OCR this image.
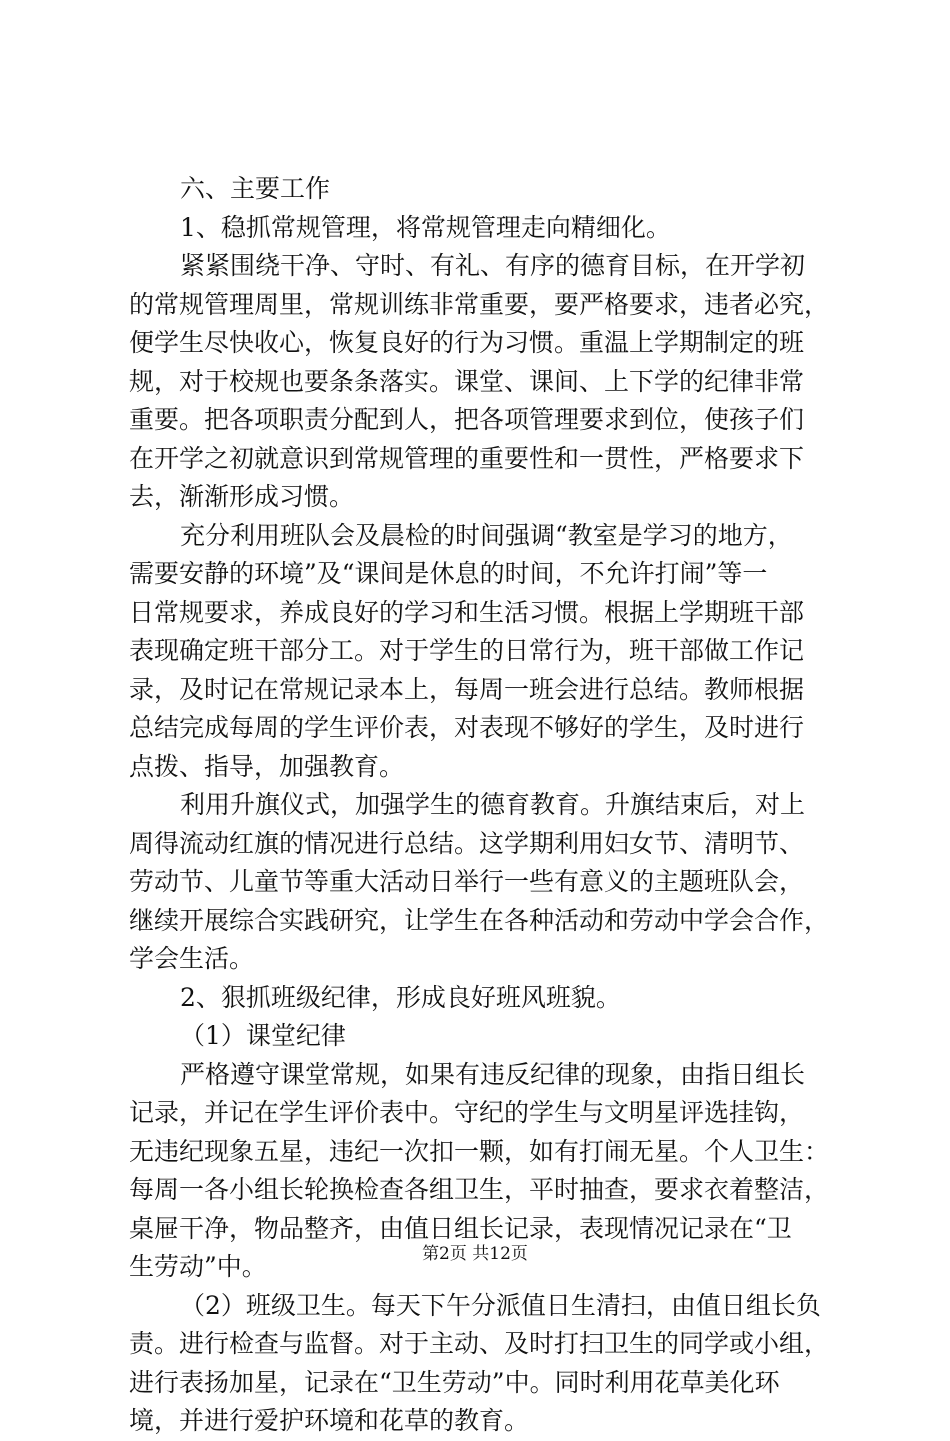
六、主要工作
1、稳抓常规管理，将常规管理走向精细化。
紧紧围绕干净、守时、有礼、有序的德育目标，在开学初
的常规管理周里，常规训练非常重要，要严格要求，违者必究，
便学生尽快收心，恢复良好的行为习惯。重温上学期制定的班
规，对于校规也要条条落实。课堂、课间、上下学的纪律非常
重要。把各项职责分配到人，把各项管理要求到位，使孩子们
在开学之初就意识到常规管理的重要性和一贯性，严格要求下
去，渐渐形成习惯。
充分利用班队会及晨检的时间强调“教室是学习的地方，
需要安静的环境”及“课间是休息的时间，不允许打闹”等一
日常规要求，养成良好的学习和生活习惯。根据上学期班干部
表现确定班干部分工。对于学生的日常行为，班干部做工作记
录，及时记在常规记录本上，每周一班会进行总结。教师根据
总结完成每周的学生评价表，对表现不够好的学生，及时进行
点拨、指导，加强教育。
利用升旗仪式，加强学生的德育教育。升旗结束后，对上
周得流动红旗的情况进行总结。这学期利用妇女节、清明节、
劳动节、儿童节等重大活动日举行一些有意义的主题班队会，
继续开展综合实践研究，让学生在各种活动和劳动中学会合作，
学会生活。
2、狠抓班级纪律，形成良好班风班貌。
（1）课堂纪律
严格遵守课堂常规，如果有违反纪律的现象，由指日组长
记录，并记在学生评价表中。守纪的学生与文明星评选挂钩，
无违纪现象五星，违纪一次扣一颗，如有打闹无星。个人卫生：
每周一各小组长轮换检查各组卫生，平时抽查，要求衣着整洁，
桌屉干净，物品整齐，由值日组长记录，表现情况记录在“卫
生劳动”中。
（2）班级卫生。每天下午分派值日生清扫，由值日组长负
责。进行检查与监督。对于主动、及时打扫卫生的同学或小组，
进行表扬加星，记录在“卫生劳动”中。同时利用花草美化环
境，并进行爱护环境和花草的教育。
第2页 共12页
